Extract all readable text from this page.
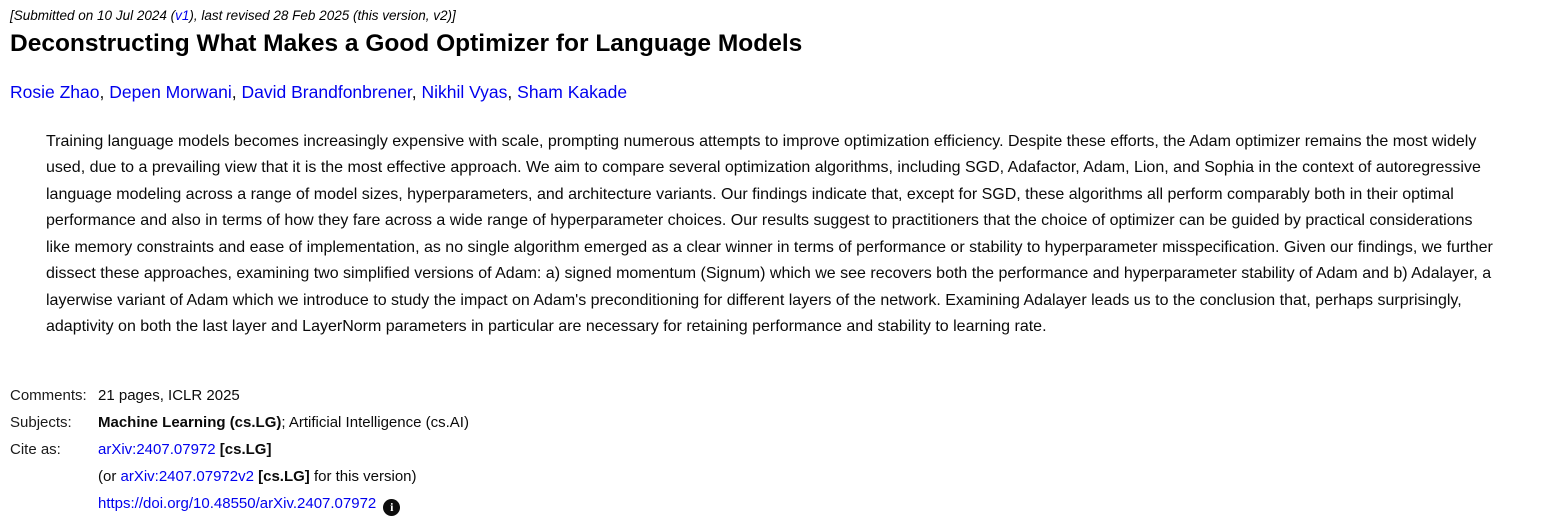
[Submitted on 10 Jul 2024 (v1), last revised 28 Feb 2025 (this version, v2)]
Deconstructing What Makes a Good Optimizer for Language Models
Rosie Zhao, Depen Morwani, David Brandfonbrener, Nikhil Vyas, Sham Kakade

Training language models becomes increasingly expensive with scale, prompting numerous attempts to improve optimization efficiency. Despite these efforts, the Adam optimizer remains the most widely used, due to a prevailing view that it is the most effective approach. We aim to compare several optimization algorithms, including SGD, Adafactor, Adam, Lion, and Sophia in the context of autoregressive language modeling across a range of model sizes, hyperparameters, and architecture variants. Our findings indicate that, except for SGD, these algorithms all perform comparably both in their optimal performance and also in terms of how they fare across a wide range of hyperparameter choices. Our results suggest to practitioners that the choice of optimizer can be guided by practical considerations like memory constraints and ease of implementation, as no single algorithm emerged as a clear winner in terms of performance or stability to hyperparameter misspecification. Given our findings, we further dissect these approaches, examining two simplified versions of Adam: a) signed momentum (Signum) which we see recovers both the performance and hyperparameter stability of Adam and b) Adalayer, a layerwise variant of Adam which we introduce to study the impact on Adam's preconditioning for different layers of the network. Examining Adalayer leads us to the conclusion that, perhaps surprisingly, adaptivity on both the last layer and LayerNorm parameters in particular are necessary for retaining performance and stability to learning rate.

Comments:	21 pages, ICLR 2025
Subjects:	Machine Learning (cs.LG); Artificial Intelligence (cs.AI)
Cite as:	arXiv:2407.07972 [cs.LG]
	(or arXiv:2407.07972v2 [cs.LG] for this version)
	https://doi.org/10.48550/arXiv.2407.07972 i
